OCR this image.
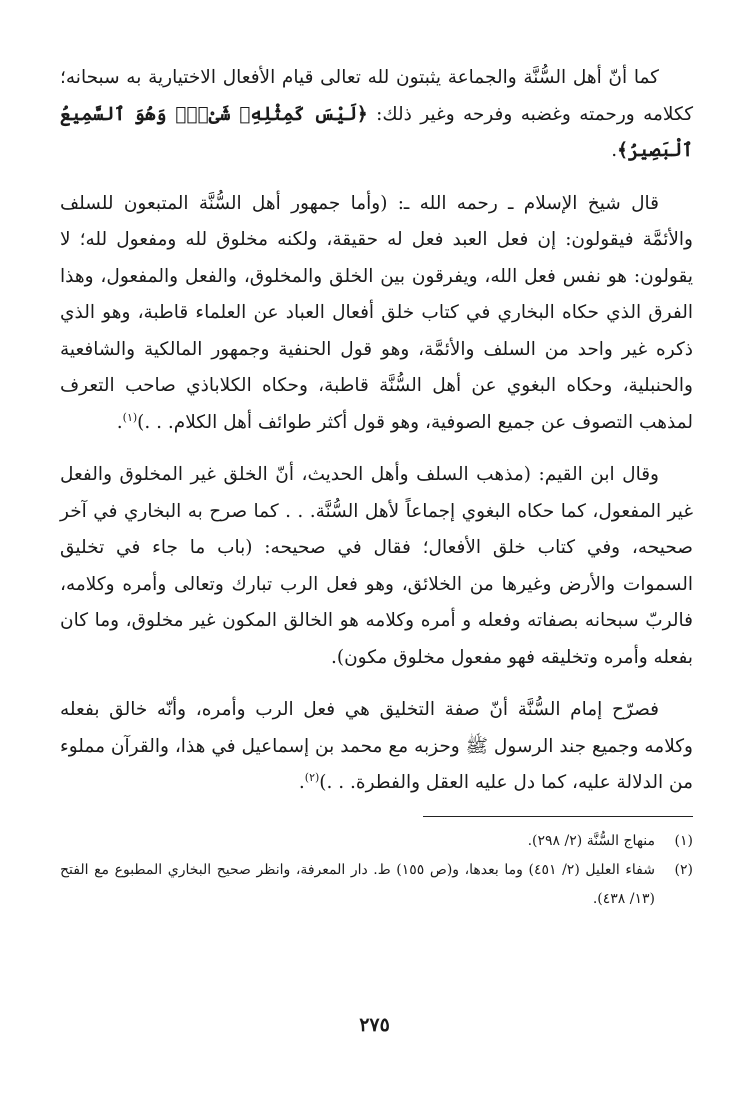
كما أنّ أهل السُّنَّة والجماعة يثبتون لله تعالى قيام الأفعال الاختيارية به سبحانه؛ ككلامه ورحمته وغضبه وفرحه وغير ذلك: ﴿لَيْسَ كَمِثْلِهِۦ شَىْءٌۖ وَهُوَ ٱلسَّمِيعُ ٱلْبَصِيرُ﴾.

قال شيخ الإسلام ـ رحمه الله ـ: (وأما جمهور أهل السُّنَّة المتبعون للسلف والأئمَّة فيقولون: إن فعل العبد فعل له حقيقة، ولكنه مخلوق لله ومفعول لله؛ لا يقولون: هو نفس فعل الله، ويفرقون بين الخلق والمخلوق، والفعل والمفعول، وهذا الفرق الذي حكاه البخاري في كتاب خلق أفعال العباد عن العلماء قاطبة، وهو الذي ذكره غير واحد من السلف والأئمَّة، وهو قول الحنفية وجمهور المالكية والشافعية والحنبلية، وحكاه البغوي عن أهل السُّنَّة قاطبة، وحكاه الكلاباذي صاحب التعرف لمذهب التصوف عن جميع الصوفية، وهو قول أكثر طوائف أهل الكلام. . .)$^{(١)}$.

وقال ابن القيم: (مذهب السلف وأهل الحديث، أنّ الخلق غير المخلوق والفعل غير المفعول، كما حكاه البغوي إجماعاً لأهل السُّنَّة. . . كما صرح به البخاري في آخر صحيحه، وفي كتاب خلق الأفعال؛ فقال في صحيحه: (باب ما جاء في تخليق السموات والأرض وغيرها من الخلائق، وهو فعل الرب تبارك وتعالى وأمره وكلامه، فالربّ سبحانه بصفاته وفعله و أمره وكلامه هو الخالق المكون غير مخلوق، وما كان بفعله وأمره وتخليقه فهو مفعول مخلوق مكون).

فصرّح إمام السُّنَّة أنّ صفة التخليق هي فعل الرب وأمره، وأنّه خالق بفعله وكلامه وجميع جند الرسول ﷺ وحزبه مع محمد بن إسماعيل في هذا، والقرآن مملوء من الدلالة عليه، كما دل عليه العقل والفطرة. . .)$^{(٢)}$.

(١)
منهاج السُّنَّة (٢/ ٢٩٨).
(٢)
شفاء العليل (٢/ ٤٥١) وما بعدها، و(ص ١٥٥) ط. دار المعرفة، وانظر صحيح البخاري المطبوع مع الفتح (١٣/ ٤٣٨).
٢٧٥
